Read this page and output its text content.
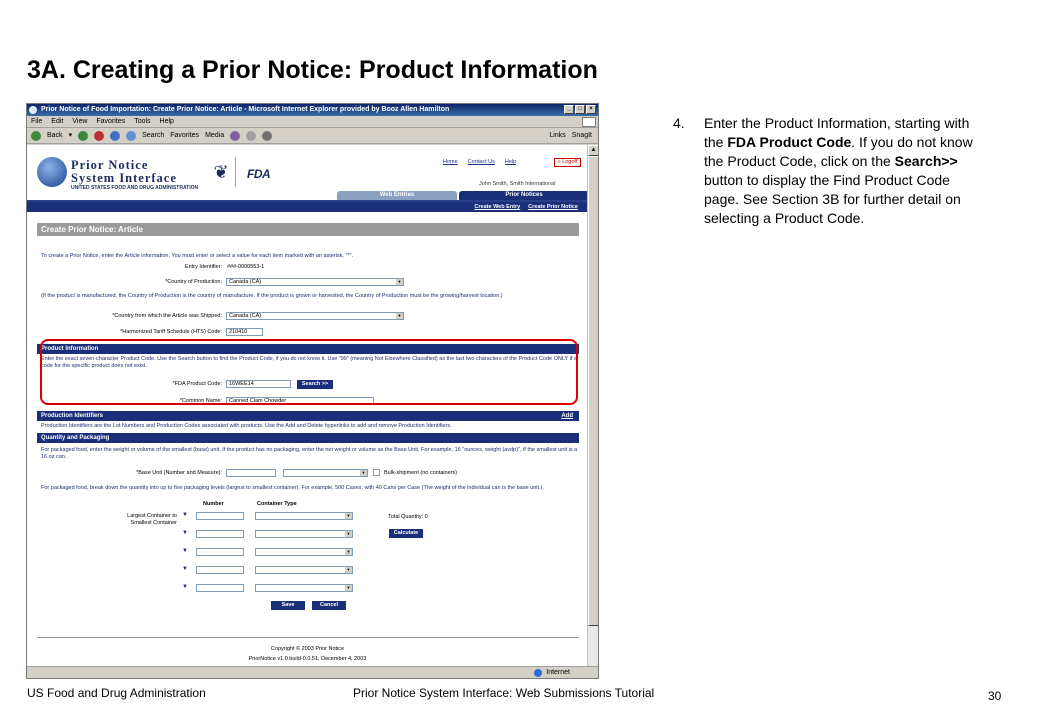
3A. Creating a Prior Notice: Product Information
Prior Notice of Food Importation: Create Prior Notice: Article - Microsoft Internet Explorer provided by Booz Allen Hamilton	_	□	×
File Edit View Favorites Tools Help
Back ▾	Search Favorites Media	Links SnagIt
Prior Notice
System Interface
UNITED STATES FOOD AND DRUG ADMINISTRATION
❦ FDA
Home Contact Us Help	» Logoff
John Smith, Smith International
Web Entries	Prior Notices
Create Web Entry Create Prior Notice
Create Prior Notice: Article
To create a Prior Notice, enter the Article information. You must enter or select a value for each item marked with an asterisk, "*".
Entry Identifier: ###-0000553-1
*Country of Production:	Canada (CA)	▼
(If the product is manufactured, the Country of Production is the country of manufacture. If the product is grown or harvested, the Country of Production must be the growing/harvest location.)
*Country from which the Article was Shipped:	Canada (CA)	▼
*Harmonized Tariff Schedule (HTS) Code:	210410
Product Information
Enter the exact seven-character Product Code. Use the Search button to find the Product Code, if you do not know it. Use "99" (meaning Not Elsewhere Classified) as the last two characters of the Product Code ONLY if a code for the specific product does not exist.
*FDA Product Code:	16WEE14	Search >>
*Common Name:	Canned Clam Chowder
Production Identifiers	Add
Production Identifiers are the Lot Numbers and Production Codes associated with products. Use the Add and Delete hyperlinks to add and remove Production Identifiers.
Quantity and Packaging
For packaged food, enter the weight or volume of the smallest (base) unit. If the product has no packaging, enter the net weight or volume as the Base Unit. For example, 16 "ounces, weight (avdp)", if the smallest unit is a 16 oz can.
*Base Unit (Number and Measure):	▼	Bulk-shipment (no containers)
For packaged food, break down the quantity into up to five packaging levels (largest to smallest container). For example, 500 Cases, with 40 Cans per Case (The weight of the individual can is the base unit.).
Number	Container Type
Largest Container to
Smallest Container
▼	▼
▼	▼
▼	▼
▼	▼
▼	▼
Total Quantity: 0
Calculate
Save	Cancel
Copyright © 2003 Prior Notice
PriorNotice v1.0 build-0.0.51, December 4, 2003
▲
Internet
4. Enter the Product Information, starting with the FDA Product Code. If you do not know the Product Code, click on the Search>> button to display the Find Product Code page. See Section 3B for further detail on selecting a Product Code.
US Food and Drug Administration	Prior Notice System Interface: Web Submissions Tutorial	30
